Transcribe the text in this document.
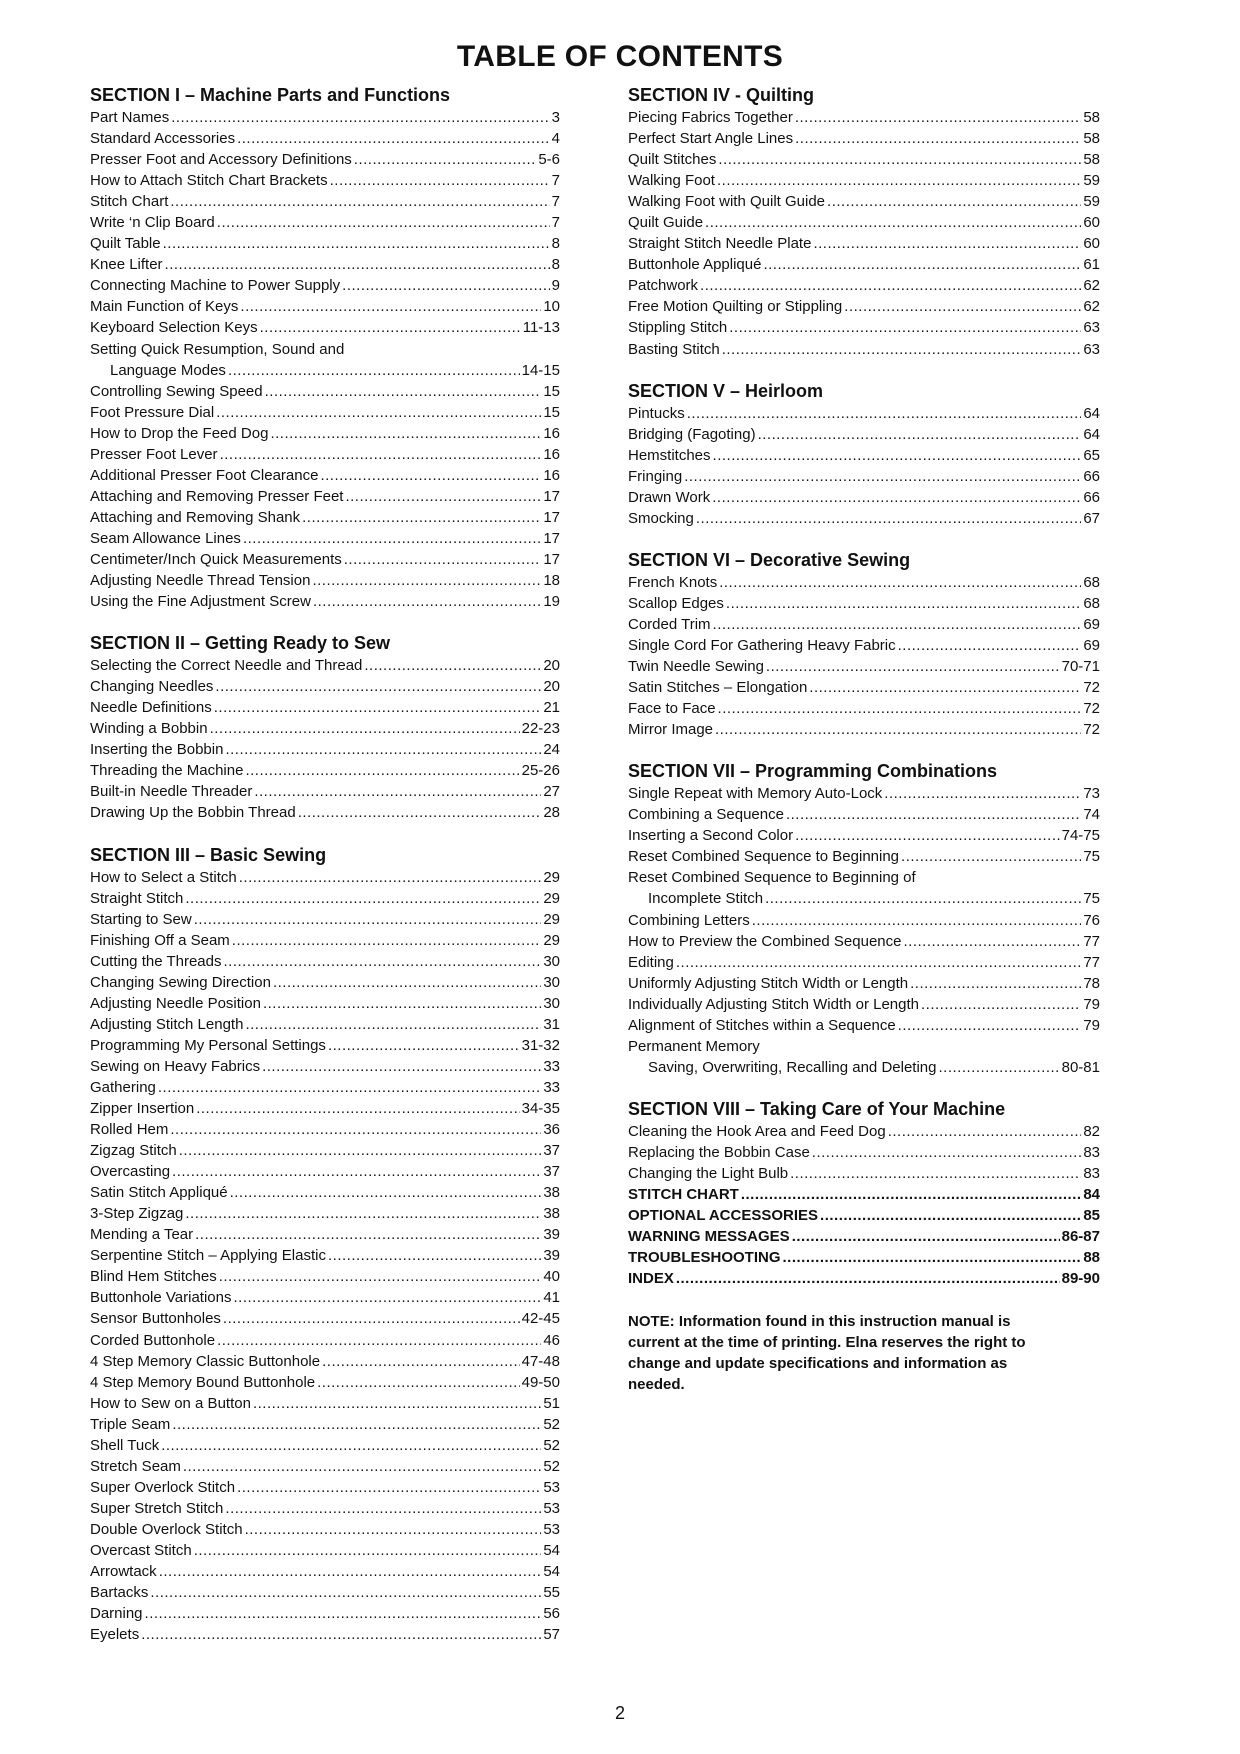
TABLE OF CONTENTS
SECTION I – Machine Parts and Functions
Part Names .....	3
Standard Accessories .....	4
Presser Foot and Accessory Definitions .....	5-6
How to Attach Stitch Chart Brackets .....	7
Stitch Chart .....	7
Write ‘n Clip Board .....	7
Quilt Table .....	8
Knee Lifter .....	8
Connecting Machine to Power Supply .....	9
Main Function of Keys .....	10
Keyboard Selection Keys .....	11-13
Setting Quick Resumption, Sound and
Language Modes .....	14-15
Controlling Sewing Speed .....	15
Foot Pressure Dial .....	15
How to Drop the Feed Dog .....	16
Presser Foot Lever .....	16
Additional Presser Foot Clearance .....	16
Attaching and Removing Presser Feet .....	17
Attaching and Removing Shank .....	17
Seam Allowance Lines .....	17
Centimeter/Inch Quick Measurements .....	17
Adjusting Needle Thread Tension .....	18
Using the Fine Adjustment Screw .....	19
SECTION II – Getting Ready to Sew
Selecting the Correct Needle and Thread .....	20
Changing Needles .....	20
Needle Definitions .....	21
Winding a Bobbin .....	22-23
Inserting the Bobbin .....	24
Threading the Machine .....	25-26
Built-in Needle Threader .....	27
Drawing Up the Bobbin Thread .....	28
SECTION III – Basic Sewing
How to Select a Stitch .....	29
Straight Stitch .....	29
Starting to Sew .....	29
Finishing Off a Seam .....	29
Cutting the Threads .....	30
Changing Sewing Direction .....	30
Adjusting Needle Position .....	30
Adjusting Stitch Length .....	31
Programming My Personal Settings .....	31-32
Sewing on Heavy Fabrics .....	33
Gathering .....	33
Zipper Insertion .....	34-35
Rolled Hem .....	36
Zigzag Stitch .....	37
Overcasting .....	37
Satin Stitch Appliqué .....	38
3-Step Zigzag .....	38
Mending a Tear .....	39
Serpentine Stitch – Applying Elastic .....	39
Blind Hem Stitches .....	40
Buttonhole Variations .....	41
Sensor Buttonholes .....	42-45
Corded Buttonhole .....	46
4 Step Memory Classic Buttonhole .....	47-48
4 Step Memory Bound Buttonhole .....	49-50
How to Sew on a Button .....	51
Triple Seam .....	52
Shell Tuck .....	52
Stretch Seam .....	52
Super Overlock Stitch .....	53
Super Stretch Stitch .....	53
Double Overlock Stitch .....	53
Overcast Stitch .....	54
Arrowtack .....	54
Bartacks .....	55
Darning .....	56
Eyelets .....	57
SECTION IV - Quilting
Piecing Fabrics Together .....	58
Perfect Start Angle Lines .....	58
Quilt Stitches .....	58
Walking Foot .....	59
Walking Foot with Quilt Guide .....	59
Quilt Guide .....	60
Straight Stitch Needle Plate .....	60
Buttonhole Appliqué .....	61
Patchwork .....	62
Free Motion Quilting or Stippling .....	62
Stippling Stitch .....	63
Basting Stitch .....	63
SECTION V – Heirloom
Pintucks .....	64
Bridging (Fagoting) .....	64
Hemstitches .....	65
Fringing .....	66
Drawn Work .....	66
Smocking .....	67
SECTION VI – Decorative Sewing
French Knots .....	68
Scallop Edges .....	68
Corded Trim .....	69
Single Cord For Gathering Heavy Fabric .....	69
Twin Needle Sewing .....	70-71
Satin Stitches – Elongation .....	72
Face to Face .....	72
Mirror Image .....	72
SECTION VII – Programming Combinations
Single Repeat with Memory Auto-Lock .....	73
Combining a Sequence .....	74
Inserting a Second Color .....	74-75
Reset Combined Sequence to Beginning .....	75
Reset Combined Sequence to Beginning of
Incomplete Stitch .....	75
Combining Letters .....	76
How to Preview the Combined Sequence .....	77
Editing .....	77
Uniformly Adjusting Stitch Width or Length .....	78
Individually Adjusting Stitch Width or Length .....	79
Alignment of Stitches within a Sequence .....	79
Permanent Memory
Saving, Overwriting, Recalling and Deleting .....	80-81
SECTION VIII – Taking Care of Your Machine
Cleaning the Hook Area and Feed Dog .....	82
Replacing the Bobbin Case .....	83
Changing the Light Bulb .....	83
STITCH CHART .....	84
OPTIONAL ACCESSORIES .....	85
WARNING MESSAGES .....	86-87
TROUBLESHOOTING .....	88
INDEX .....	89-90
NOTE: Information found in this instruction manual is current at the time of printing. Elna reserves the right to change and update specifications and information as needed.
2
